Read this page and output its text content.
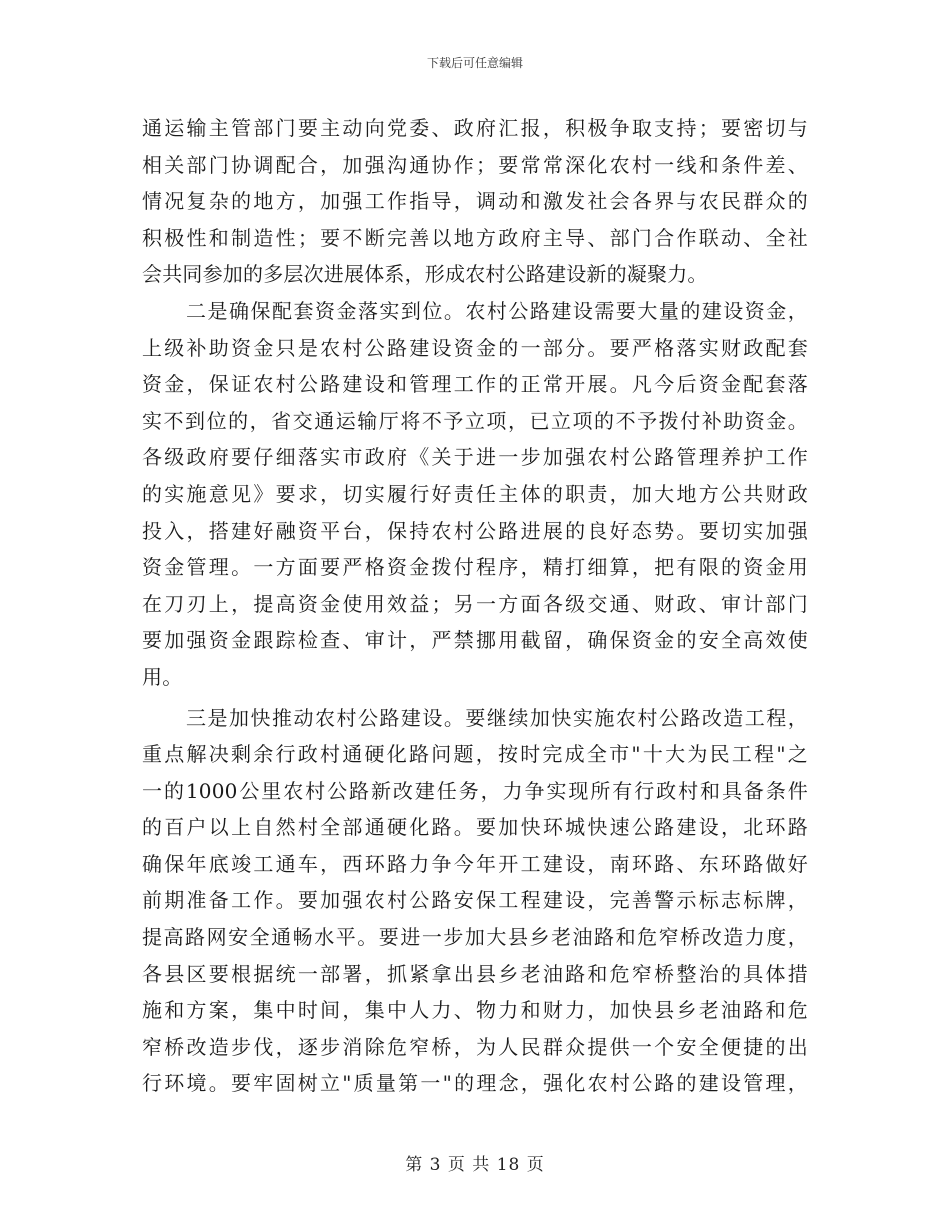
下载后可任意编辑
通运输主管部门要主动向党委、政府汇报，积极争取支持；要密切与
相关部门协调配合，加强沟通协作；要常常深化农村一线和条件差、
情况复杂的地方，加强工作指导，调动和激发社会各界与农民群众的
积极性和制造性；要不断完善以地方政府主导、部门合作联动、全社
会共同参加的多层次进展体系，形成农村公路建设新的凝聚力。
二是确保配套资金落实到位。农村公路建设需要大量的建设资金，
上级补助资金只是农村公路建设资金的一部分。要严格落实财政配套
资金，保证农村公路建设和管理工作的正常开展。凡今后资金配套落
实不到位的，省交通运输厅将不予立项，已立项的不予拨付补助资金。
各级政府要仔细落实市政府《关于进一步加强农村公路管理养护工作
的实施意见》要求，切实履行好责任主体的职责，加大地方公共财政
投入，搭建好融资平台，保持农村公路进展的良好态势。要切实加强
资金管理。一方面要严格资金拨付程序，精打细算，把有限的资金用
在刀刃上，提高资金使用效益；另一方面各级交通、财政、审计部门
要加强资金跟踪检查、审计，严禁挪用截留，确保资金的安全高效使
用。
三是加快推动农村公路建设。要继续加快实施农村公路改造工程，
重点解决剩余行政村通硬化路问题，按时完成全市"十大为民工程"之
一的1000公里农村公路新改建任务，力争实现所有行政村和具备条件
的百户以上自然村全部通硬化路。要加快环城快速公路建设，北环路
确保年底竣工通车，西环路力争今年开工建设，南环路、东环路做好
前期准备工作。要加强农村公路安保工程建设，完善警示标志标牌，
提高路网安全通畅水平。要进一步加大县乡老油路和危窄桥改造力度，
各县区要根据统一部署，抓紧拿出县乡老油路和危窄桥整治的具体措
施和方案，集中时间，集中人力、物力和财力，加快县乡老油路和危
窄桥改造步伐，逐步消除危窄桥，为人民群众提供一个安全便捷的出
行环境。要牢固树立"质量第一"的理念，强化农村公路的建设管理，
第 3 页 共 18 页
